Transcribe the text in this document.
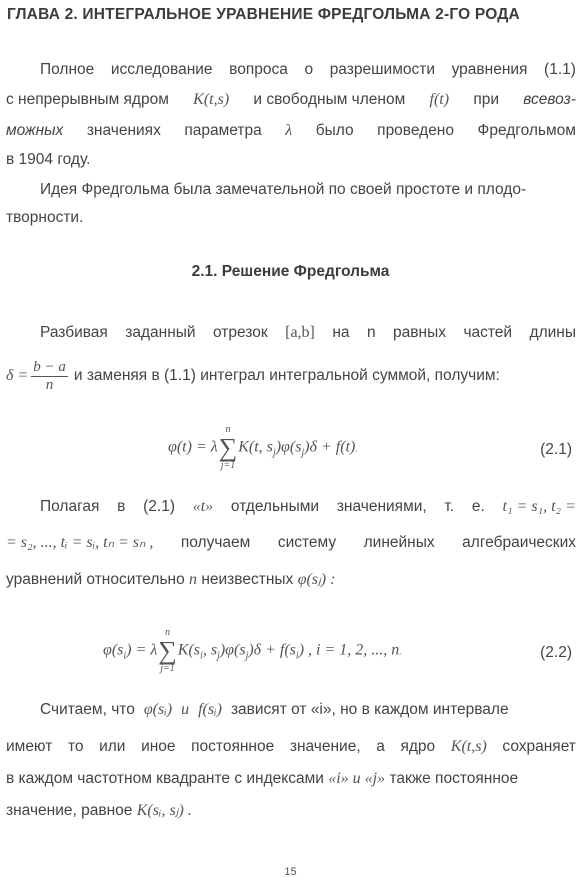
ГЛАВА 2. ИНТЕГРАЛЬНОЕ УРАВНЕНИЕ ФРЕДГОЛЬМА 2-ГО РОДА
Полное исследование вопроса о разрешимости уравнения (1.1)
с непрерывным ядром K(t,s) и свободным членом f(t) при всевоз-
можных значениях параметра λ было проведено Фредгольмом
в 1904 году.
Идея Фредгольма была замечательной по своей простоте и плодо-
творности.
2.1. Решение Фредгольма
Разбивая заданный отрезок [a,b] на n равных частей длины
$\delta = \frac{b - a}{n}$ и заменяя в (1.1) интеграл интегральной суммой, получим:
φ(t) = λ
n
∑
j=1
K(t, $s_j)\varphi(s_j)\delta + f(t)$.	(2.1)
Полагая в (2.1) «t» отдельными значениями, т. е. t₁ = s₁, t₂ =
= s₂, ..., tᵢ = sᵢ, tₙ = sₙ , получаем систему линейных алгебраических
уравнений относительно n неизвестных φ(sⱼ) :
$\varphi(s_i) = \lambda$
n
∑
j=1
$K(s_i$, $s_j)\varphi(s_j)\delta + f(s_i)$ , i = 1, 2, ..., n.	(2.2)
Считаем, что φ(sᵢ) и f(sᵢ) зависят от «i», но в каждом интервале
имеют то или иное постоянное значение, а ядро K(t,s) сохраняет
в каждом частотном квадранте с индексами «i» и «j» также постоянное
значение, равное K(sᵢ, sⱼ) .
15
